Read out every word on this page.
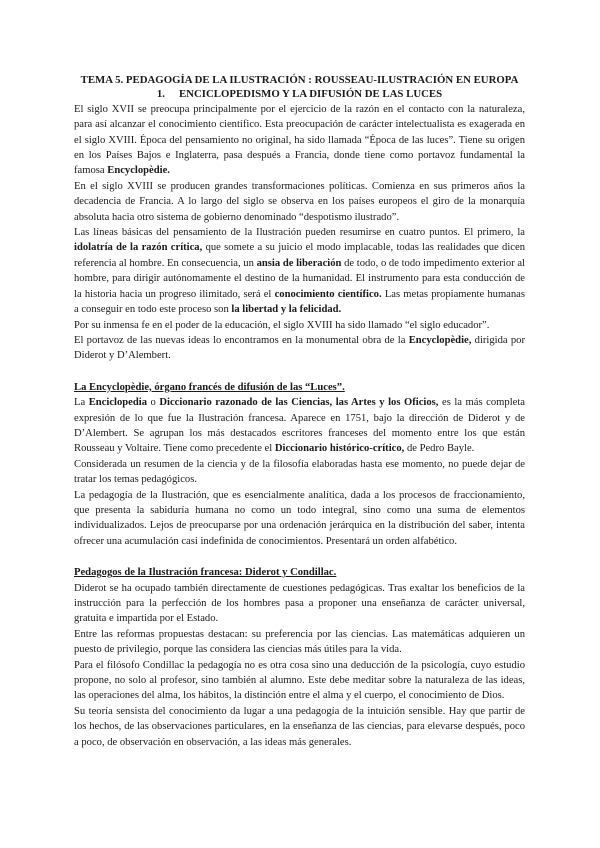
TEMA 5. PEDAGOGÍA DE LA ILUSTRACIÓN : ROUSSEAU-ILUSTRACIÓN EN EUROPA

1. ENCICLOPEDISMO Y LA DIFUSIÓN DE LAS LUCES

El siglo XVII se preocupa principalmente por el ejercicio de la razón en el contacto con la naturaleza, para así alcanzar el conocimiento científico. Esta preocupación de carácter intelectualista es exagerada en el siglo XVIII. Época del pensamiento no original, ha sido llamada “Época de las luces”. Tiene su origen en los Países Bajos e Inglaterra, pasa después a Francia, donde tiene como portavoz fundamental la famosa Encyclopèdie.

En el siglo XVIII se producen grandes transformaciones políticas. Comienza en sus primeros años la decadencia de Francia. A lo largo del siglo se observa en los países europeos el giro de la monarquía absoluta hacia otro sistema de gobierno denominado “despotismo ilustrado”.

Las líneas básicas del pensamiento de la Ilustración pueden resumirse en cuatro puntos. El primero, la idolatría de la razón crítica, que somete a su juicio el modo implacable, todas las realidades que dicen referencia al hombre. En consecuencia, un ansia de liberación de todo, o de todo impedimento exterior al hombre, para dirigir autónomamente el destino de la humanidad. El instrumento para esta conducción de la historia hacia un progreso ilimitado, será el conocimiento científico. Las metas propiamente humanas a conseguir en todo este proceso son la libertad y la felicidad.

Por su inmensa fe en el poder de la educación, el siglo XVIII ha sido llamado “el siglo educador”.

El portavoz de las nuevas ideas lo encontramos en la monumental obra de la Encyclopèdie, dirigida por Diderot y D’Alembert.

La Encyclopèdie, órgano francés de difusión de las “Luces”.

La Enciclopedia o Diccionario razonado de las Ciencias, las Artes y los Oficios, es la más completa expresión de lo que fue la Ilustración francesa. Aparece en 1751, bajo la dirección de Diderot y de D’Alembert. Se agrupan los más destacados escritores franceses del momento entre los que están Rousseau y Voltaire. Tiene como precedente el Diccionario histórico-crítico, de Pedro Bayle.

Considerada un resumen de la ciencia y de la filosofía elaboradas hasta ese momento, no puede dejar de tratar los temas pedagógicos.

La pedagogía de la Ilustración, que es esencialmente analítica, dada a los procesos de fraccionamiento, que presenta la sabiduría humana no como un todo integral, sino como una suma de elementos individualizados. Lejos de preocuparse por una ordenación jerárquica en la distribución del saber, intenta ofrecer una acumulación casi indefinida de conocimientos. Presentará un orden alfabético.

Pedagogos de la Ilustración francesa: Diderot y Condillac.

Diderot se ha ocupado también directamente de cuestiones pedagógicas. Tras exaltar los beneficios de la instrucción para la perfección de los hombres pasa a proponer una enseñanza de carácter universal, gratuita e impartida por el Estado.

Entre las reformas propuestas destacan: su preferencia por las ciencias. Las matemáticas adquieren un puesto de privilegio, porque las considera las ciencias más útiles para la vida.

Para el filósofo Condillac la pedagogía no es otra cosa sino una deducción de la psicología, cuyo estudio propone, no solo al profesor, sino también al alumno. Este debe meditar sobre la naturaleza de las ideas, las operaciones del alma, los hábitos, la distinción entre el alma y el cuerpo, el conocimiento de Dios.

Su teoría sensista del conocimiento da lugar a una pedagogía de la intuición sensible. Hay que partir de los hechos, de las observaciones particulares, en la enseñanza de las ciencias, para elevarse después, poco a poco, de observación en observación, a las ideas más generales.
